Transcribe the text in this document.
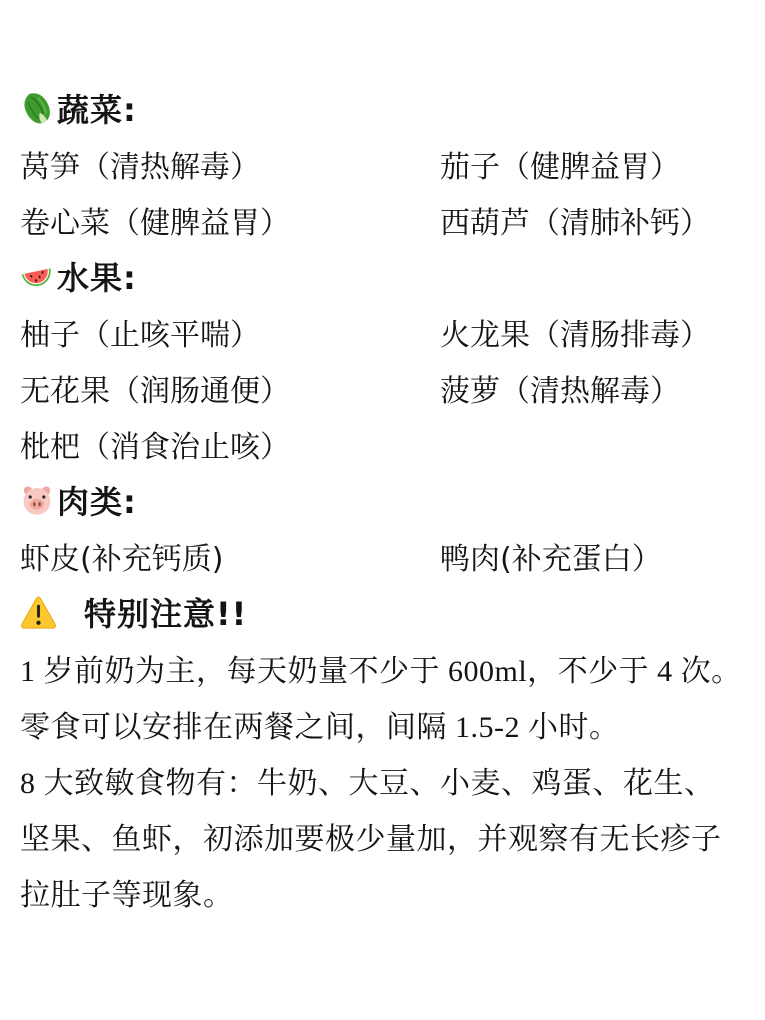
蔬菜:
莴笋（清热解毒）	茄子（健脾益胃）
卷心菜（健脾益胃）	西葫芦（清肺补钙）
水果:
柚子（止咳平喘）	火龙果（清肠排毒）
无花果（润肠通便）	菠萝（清热解毒）
枇杷（消食治止咳）
肉类:
虾皮(补充钙质)	鸭肉(补充蛋白）
特别注意!!
1 岁前奶为主，每天奶量不少于 600ml，不少于 4 次。
零食可以安排在两餐之间，间隔 1.5-2 小时。
8 大致敏食物有：牛奶、大豆、小麦、鸡蛋、花生、
坚果、鱼虾，初添加要极少量加，并观察有无长疹子
拉肚子等现象。
